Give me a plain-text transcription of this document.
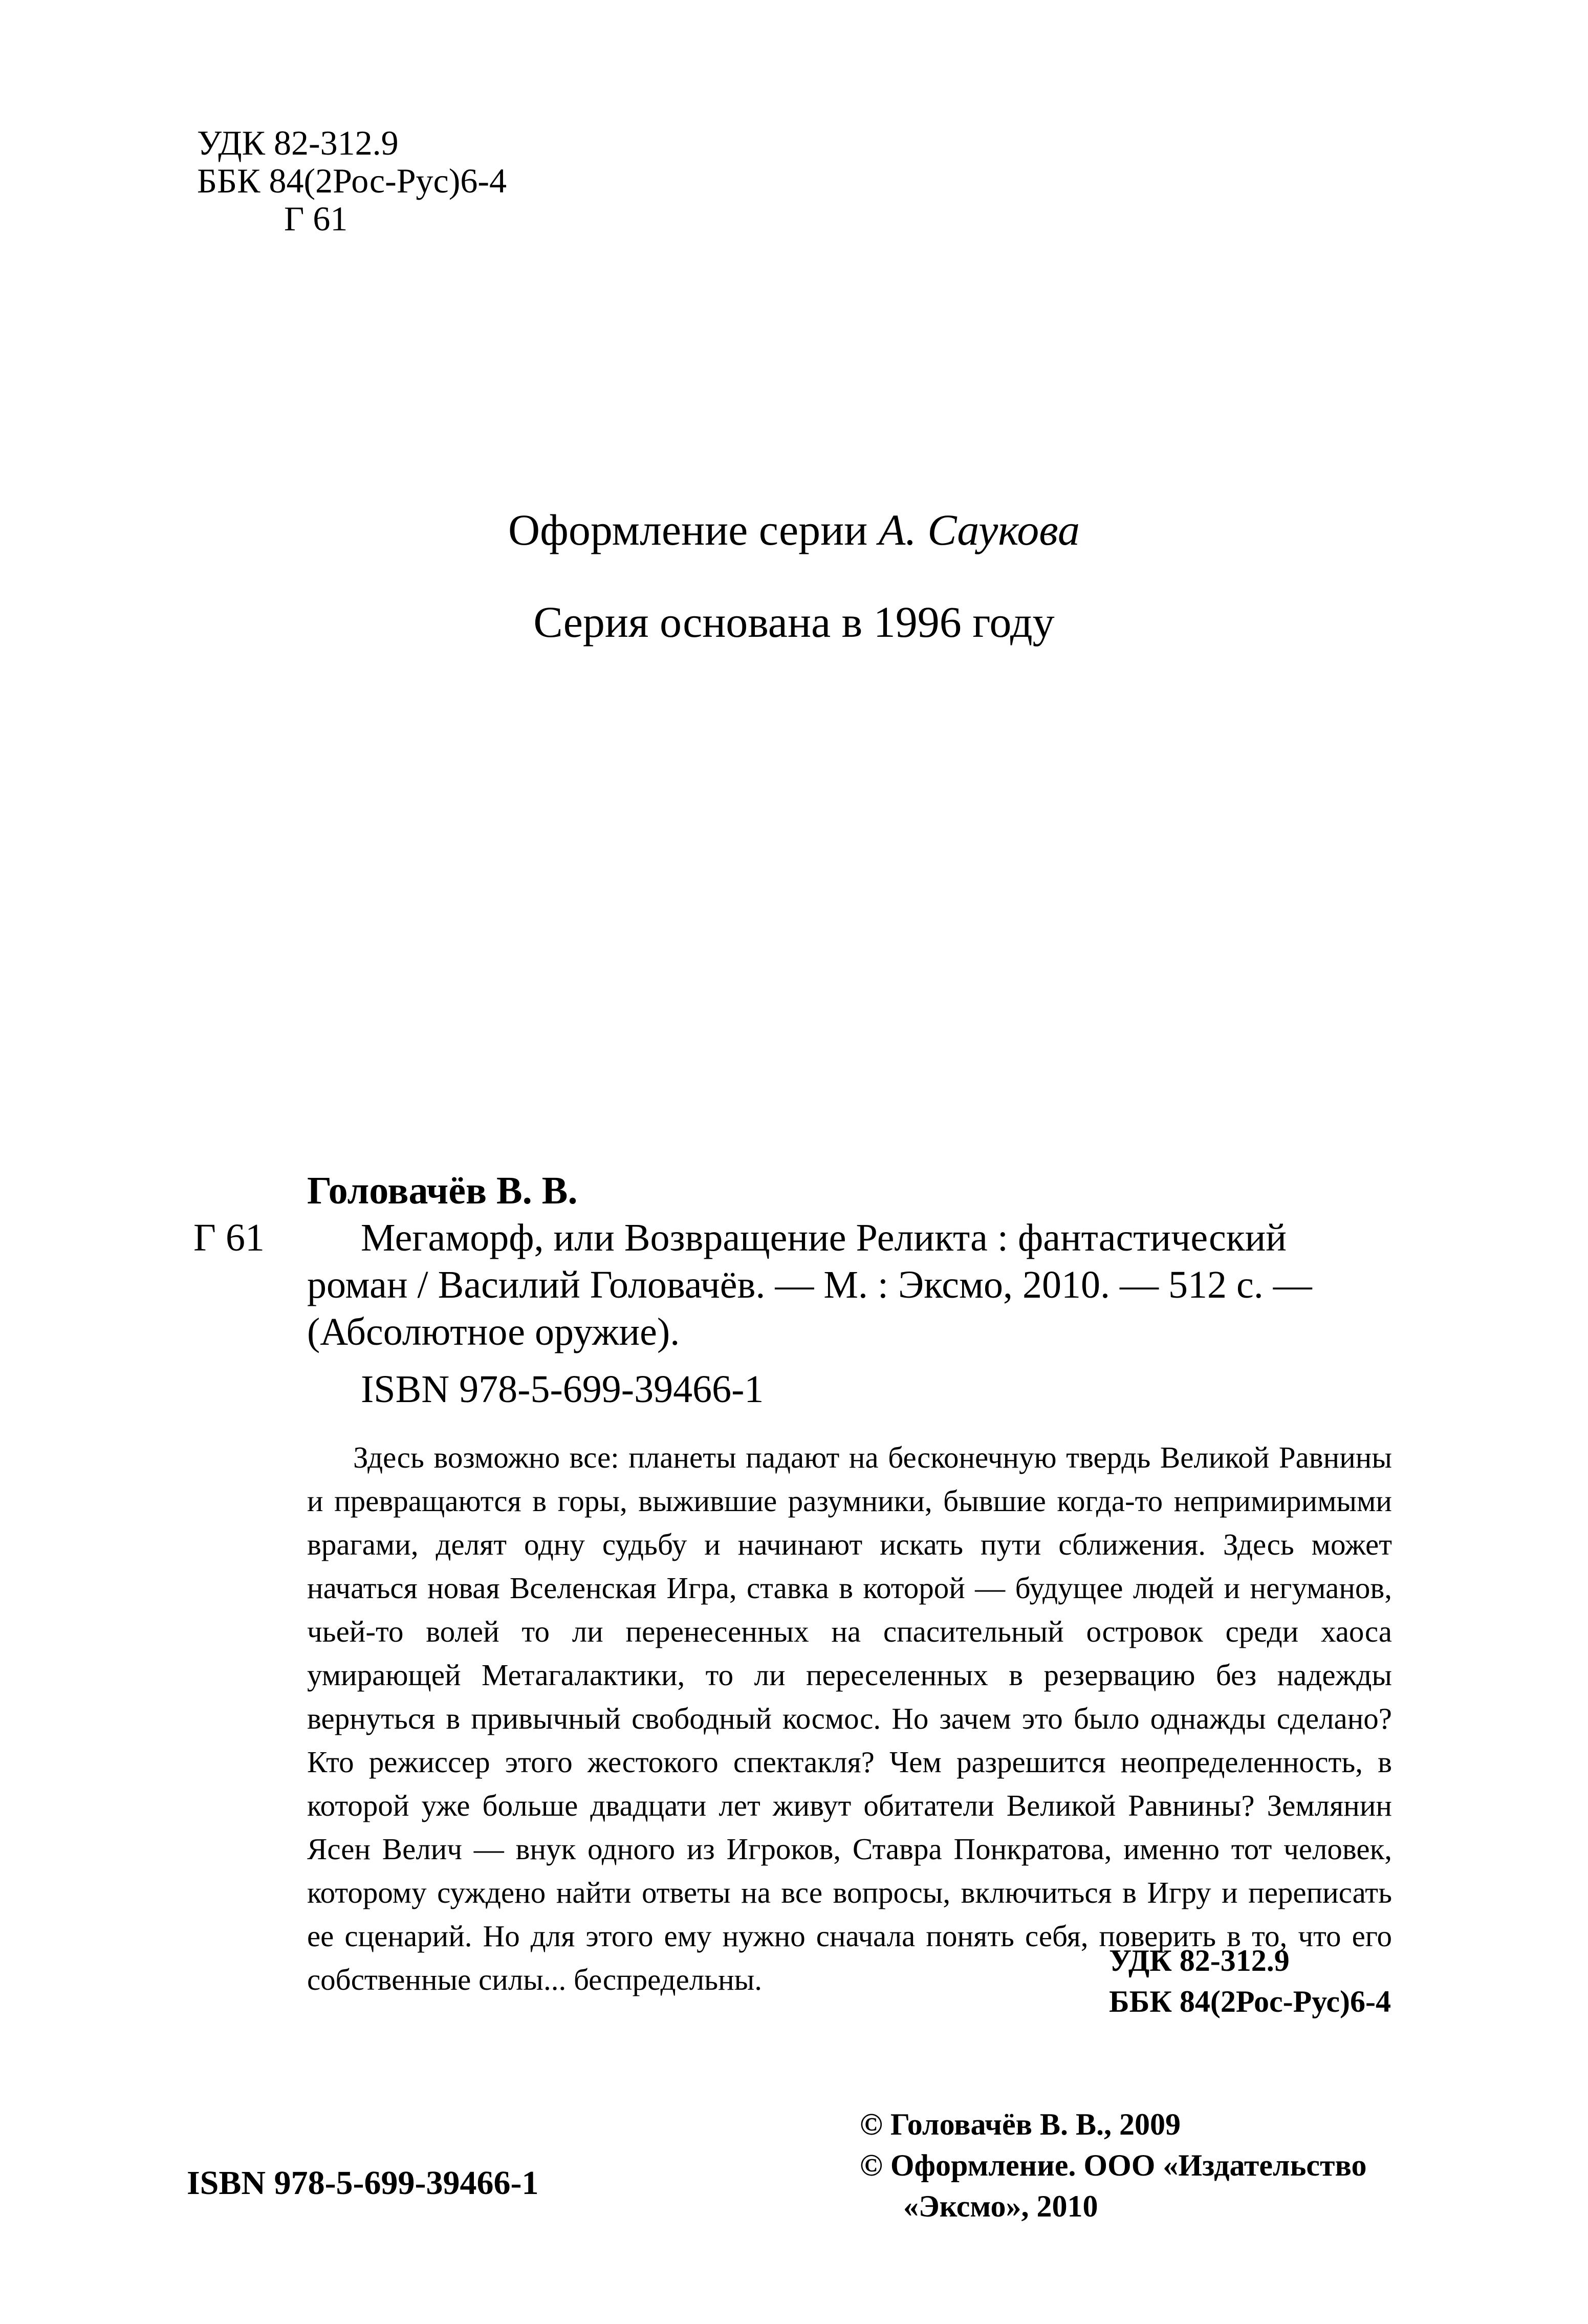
УДК 82-312.9
ББК 84(2Рос-Рус)6-4
Г 61
Оформление серии А. Саукова
Серия основана в 1996 году
Головачёв В. В.
Г 61 Мегаморф, или Возвращение Реликта : фантастический
роман / Василий Головачёв. — М. : Эксмо, 2010. — 512 с. —
(Абсолютное оружие).
ISBN 978-5-699-39466-1

Здесь возможно все: планеты падают на бесконечную твердь Великой Равнины и превращаются в горы, выжившие разумники, бывшие когда-то непримиримыми врагами, делят одну судьбу и начинают искать пути сближения. Здесь может начаться новая Вселенская Игра, ставка в которой — будущее людей и негуманов, чьей-то волей то ли перенесенных на спасительный островок среди хаоса умирающей Метагалактики, то ли переселенных в резервацию без надежды вернуться в привычный свободный космос. Но зачем это было однажды сделано? Кто режиссер этого жестокого спектакля? Чем разрешится неопределенность, в которой уже больше двадцати лет живут обитатели Великой Равнины? Землянин Ясен Велич — внук одного из Игроков, Ставра Понкратова, именно тот человек, которому суждено найти ответы на все вопросы, включиться в Игру и переписать ее сценарий. Но для этого ему нужно сначала понять себя, поверить в то, что его собственные силы... беспредельны.

УДК 82-312.9
ББК 84(2Рос-Рус)6-4
© Головачёв В. В., 2009
© Оформление. ООО «Издательство
«Эксмо», 2010
ISBN 978-5-699-39466-1
